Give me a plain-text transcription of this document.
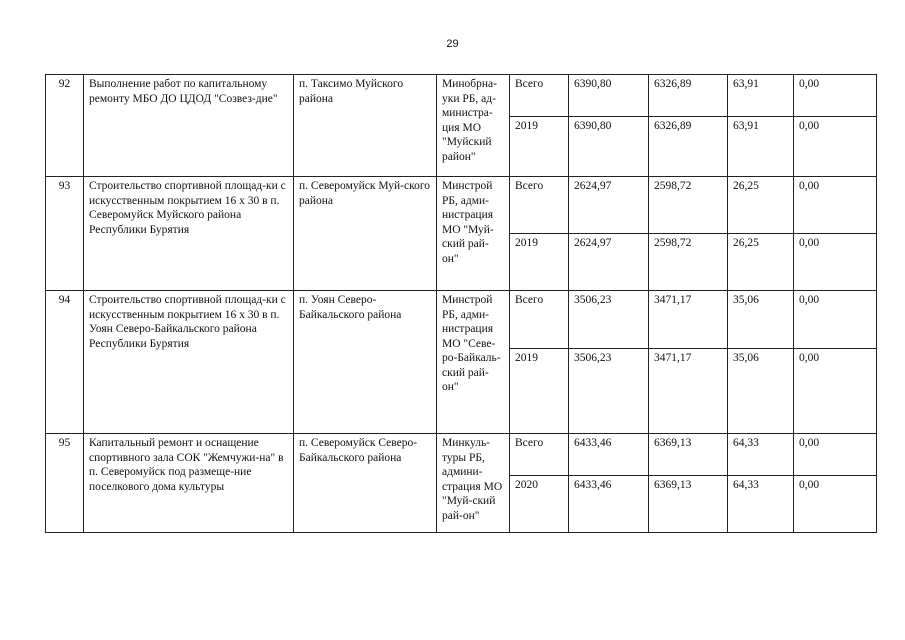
29
92	Выполнение работ по капитальному ремонту МБО ДО ЦДОД "Созвез-дие"	п. Таксимо Муйского района	Минобрна-уки РБ, ад-министра-ция МО "Муйский район"	Всего	6390,80	6326,89	63,91	0,00
				2019	6390,80	6326,89	63,91	0,00
93	Строительство спортивной площад-ки с искусственным покрытием 16 х 30 в п. Северомуйск Муйского района Республики Бурятия	п. Северомуйск Муй-ского района	Минстрой РБ, адми-нистрация МО "Муй-ский рай-он"	Всего	2624,97	2598,72	26,25	0,00
				2019	2624,97	2598,72	26,25	0,00
94	Строительство спортивной площад-ки с искусственным покрытием 16 х 30 в п. Уоян Северо-Байкальского района Республики Бурятия	п. Уоян Северо-Байкальского района	Минстрой РБ, адми-нистрация МО "Севе-ро-Байкаль-ский рай-он"	Всего	3506,23	3471,17	35,06	0,00
				2019	3506,23	3471,17	35,06	0,00
95	Капитальный ремонт и оснащение спортивного зала СОК "Жемчужи-на" в п. Северомуйск под размеще-ние поселкового дома культуры	п. Северомуйск Северо-Байкальского района	Минкуль-туры РБ, админи-страция МО "Муй-ский рай-он"	Всего	6433,46	6369,13	64,33	0,00
				2020	6433,46	6369,13	64,33	0,00
